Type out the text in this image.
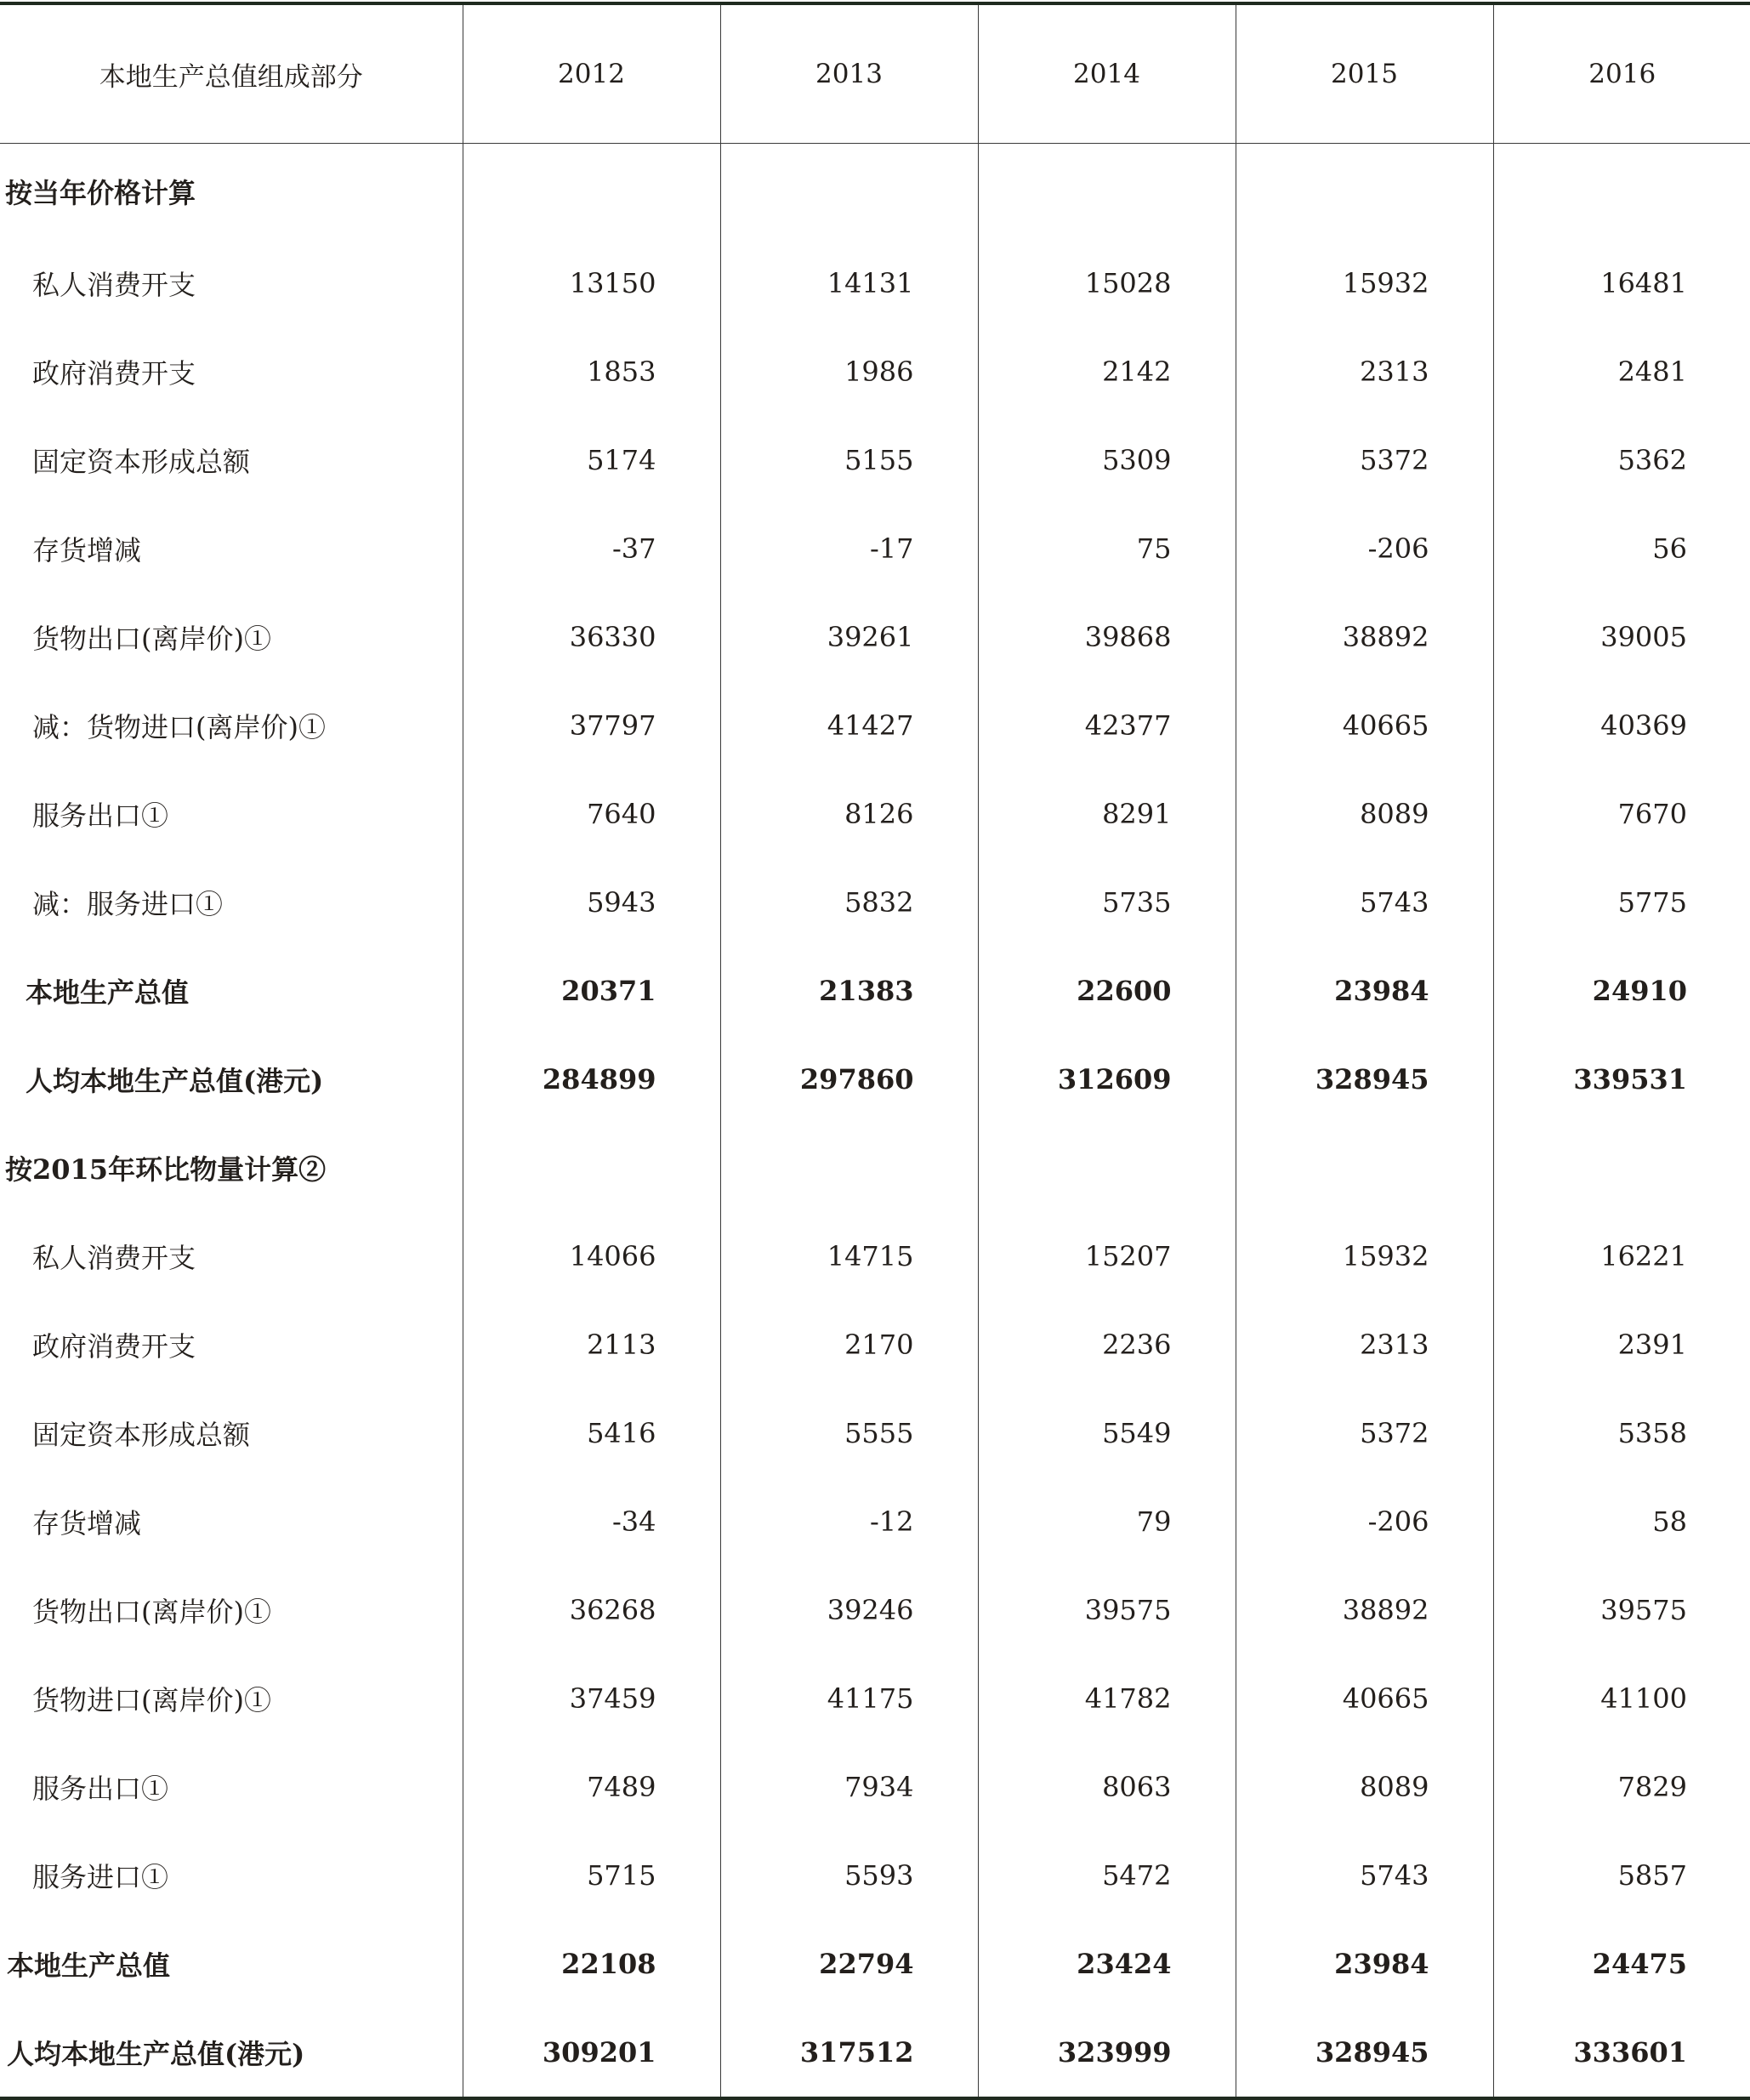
本地生产总值组成部分	2012	2013	2014	2015	2016
按当年价格计算					
私人消费开支	13150	14131	15028	15932	16481
政府消费开支	1853	1986	2142	2313	2481
固定资本形成总额	5174	5155	5309	5372	5362
存货增减	-37	-17	75	-206	56
货物出口(离岸价)①	36330	39261	39868	38892	39005
减：货物进口(离岸价)①	37797	41427	42377	40665	40369
服务出口①	7640	8126	8291	8089	7670
减：服务进口①	5943	5832	5735	5743	5775
本地生产总值	20371	21383	22600	23984	24910
人均本地生产总值(港元)	284899	297860	312609	328945	339531
按2015年环比物量计算②					
私人消费开支	14066	14715	15207	15932	16221
政府消费开支	2113	2170	2236	2313	2391
固定资本形成总额	5416	5555	5549	5372	5358
存货增减	-34	-12	79	-206	58
货物出口(离岸价)①	36268	39246	39575	38892	39575
货物进口(离岸价)①	37459	41175	41782	40665	41100
服务出口①	7489	7934	8063	8089	7829
服务进口①	5715	5593	5472	5743	5857
本地生产总值	22108	22794	23424	23984	24475
人均本地生产总值(港元)	309201	317512	323999	328945	333601
